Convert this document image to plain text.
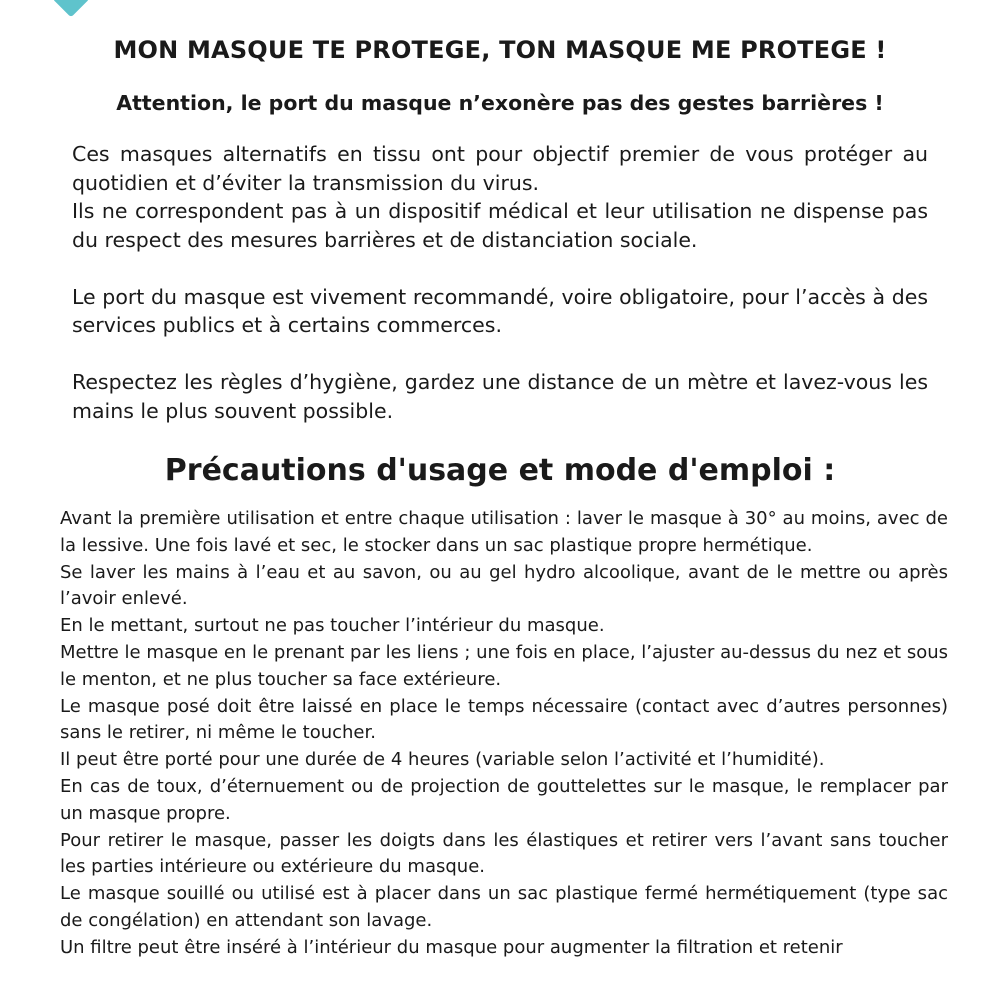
MON MASQUE TE PROTEGE, TON MASQUE ME PROTEGE !
Attention, le port du masque n’exonère pas des gestes barrières !

Ces masques alternatifs en tissu ont pour objectif premier de vous protéger au quotidien et d’éviter la transmission du virus.

Ils ne correspondent pas à un dispositif médical et leur utilisation ne dispense pas du respect des mesures barrières et de distanciation sociale.

Le port du masque est vivement recommandé, voire obligatoire, pour l’accès à des services publics et à certains commerces.

Respectez les règles d’hygiène, gardez une distance de un mètre et lavez-vous les mains le plus souvent possible.

Précautions d'usage et mode d'emploi :

Avant la première utilisation et entre chaque utilisation : laver le masque à 30° au moins, avec de la lessive. Une fois lavé et sec, le stocker dans un sac plastique propre hermétique.

Se laver les mains à l’eau et au savon, ou au gel hydro alcoolique, avant de le mettre ou après l’avoir enlevé.

En le mettant, surtout ne pas toucher l’intérieur du masque.

Mettre le masque en le prenant par les liens ; une fois en place, l’ajuster au-dessus du nez et sous le menton, et ne plus toucher sa face extérieure.

Le masque posé doit être laissé en place le temps nécessaire (contact avec d’autres personnes) sans le retirer, ni même le toucher.

Il peut être porté pour une durée de 4 heures (variable selon l’activité et l’humidité).

En cas de toux, d’éternuement ou de projection de gouttelettes sur le masque, le remplacer par un masque propre.

Pour retirer le masque, passer les doigts dans les élastiques et retirer vers l’avant sans toucher les parties intérieure ou extérieure du masque.

Le masque souillé ou utilisé est à placer dans un sac plastique fermé hermétiquement (type sac de congélation) en attendant son lavage.

Un filtre peut être inséré à l’intérieur du masque pour augmenter la filtration et retenir
